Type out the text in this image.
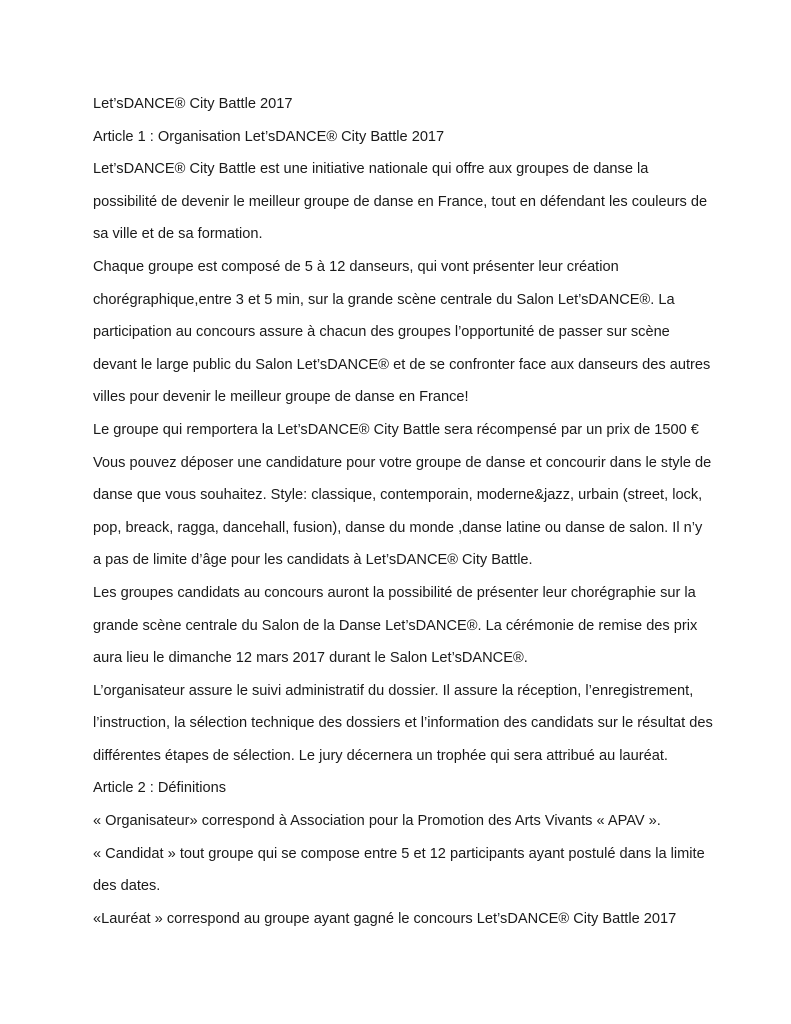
Let’sDANCE® City Battle 2017

Article 1 : Organisation Let’sDANCE® City Battle 2017

Let’sDANCE® City Battle est une initiative nationale qui offre aux groupes de danse la
possibilité de devenir le meilleur groupe de danse en France, tout en défendant les couleurs de
sa ville et de sa formation.

Chaque groupe est composé de 5 à 12 danseurs, qui vont présenter leur création
chorégraphique,entre 3 et 5 min, sur la grande scène centrale du Salon Let’sDANCE®. La
participation au concours assure à chacun des groupes l’opportunité de passer sur scène
devant le large public du Salon Let’sDANCE® et de se confronter face aux danseurs des autres
villes pour devenir le meilleur groupe de danse en France!

Le groupe qui remportera la Let’sDANCE® City Battle sera récompensé par un prix de 1500 €

Vous pouvez déposer une candidature pour votre groupe de danse et concourir dans le style de
danse que vous souhaitez. Style: classique, contemporain, moderne&jazz, urbain (street, lock,
pop, breack, ragga, dancehall, fusion), danse du monde ,danse latine ou danse de salon. Il n’y
a pas de limite d’âge pour les candidats à Let’sDANCE® City Battle.

Les groupes candidats au concours auront la possibilité de présenter leur chorégraphie sur la
grande scène centrale du Salon de la Danse Let’sDANCE®. La cérémonie de remise des prix
aura lieu le dimanche 12 mars 2017 durant le Salon Let’sDANCE®.

L’organisateur assure le suivi administratif du dossier. Il assure la réception, l’enregistrement,
l’instruction, la sélection technique des dossiers et l’information des candidats sur le résultat des
différentes étapes de sélection. Le jury décernera un trophée qui sera attribué au lauréat.

Article 2 : Définitions

« Organisateur» correspond à Association pour la Promotion des Arts Vivants « APAV ».

« Candidat » tout groupe qui se compose entre 5 et 12 participants ayant postulé dans la limite
des dates.

«Lauréat » correspond au groupe ayant gagné le concours Let’sDANCE® City Battle 2017
